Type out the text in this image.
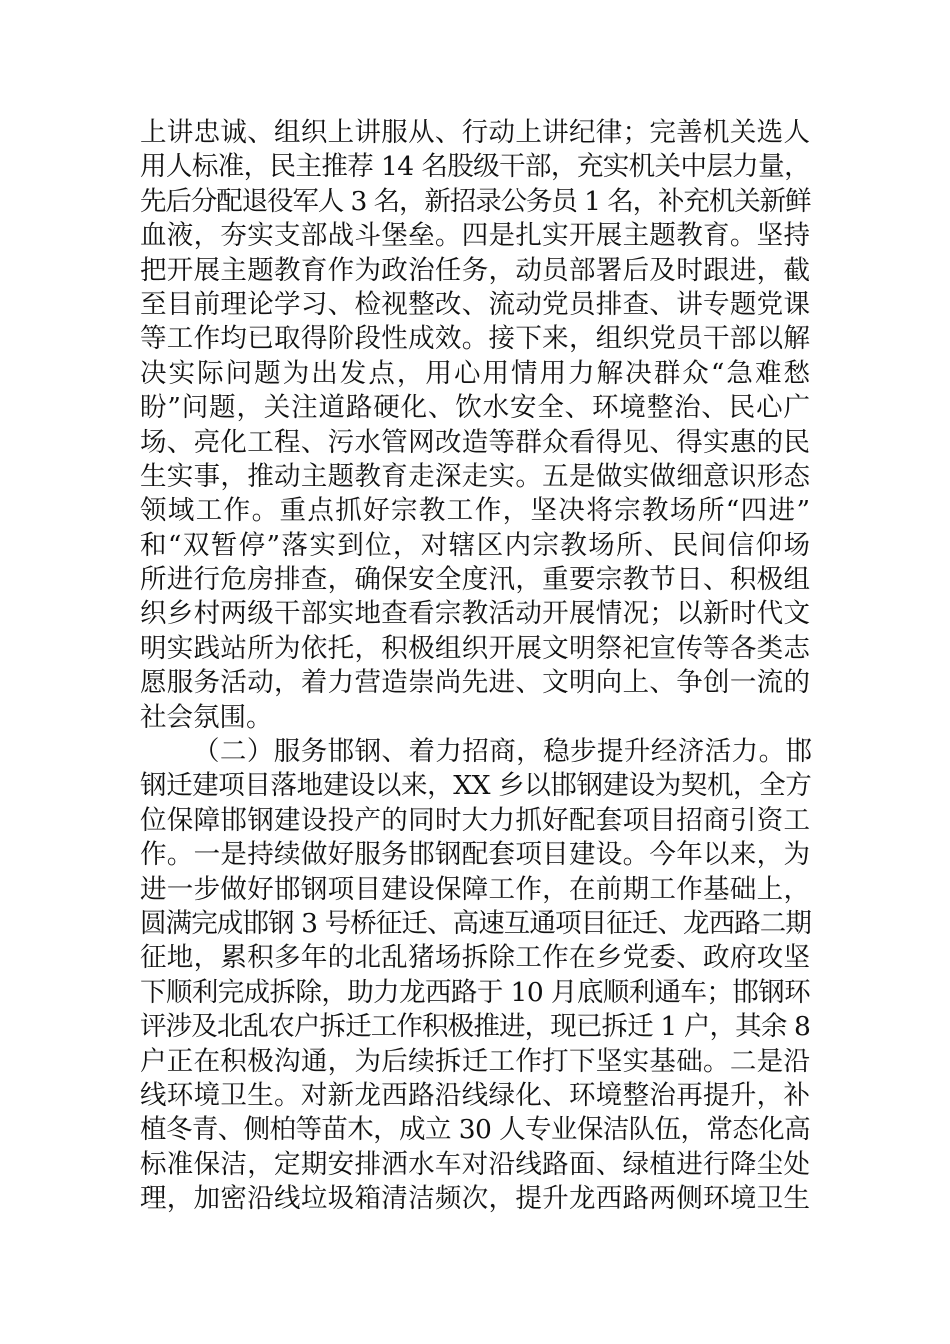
上讲忠诚、组织上讲服从、行动上讲纪律；完善机关选人
用人标准，民主推荐 14 名股级干部，充实机关中层力量，
先后分配退役军人 3 名，新招录公务员 1 名，补充机关新鲜
血液，夯实支部战斗堡垒。四是扎实开展主题教育。坚持
把开展主题教育作为政治任务，动员部署后及时跟进，截
至目前理论学习、检视整改、流动党员排查、讲专题党课
等工作均已取得阶段性成效。接下来，组织党员干部以解
决实际问题为出发点，用心用情用力解决群众“急难愁
盼”问题，关注道路硬化、饮水安全、环境整治、民心广
场、亮化工程、污水管网改造等群众看得见、得实惠的民
生实事，推动主题教育走深走实。五是做实做细意识形态
领域工作。重点抓好宗教工作，坚决将宗教场所“四进”
和“双暂停”落实到位，对辖区内宗教场所、民间信仰场
所进行危房排查，确保安全度汛，重要宗教节日、积极组
织乡村两级干部实地查看宗教活动开展情况；以新时代文
明实践站所为依托，积极组织开展文明祭祀宣传等各类志
愿服务活动，着力营造崇尚先进、文明向上、争创一流的
社会氛围。
（二）服务邯钢、着力招商，稳步提升经济活力。邯
钢迁建项目落地建设以来，XX 乡以邯钢建设为契机，全方
位保障邯钢建设投产的同时大力抓好配套项目招商引资工
作。一是持续做好服务邯钢配套项目建设。今年以来，为
进一步做好邯钢项目建设保障工作，在前期工作基础上，
圆满完成邯钢 3 号桥征迁、高速互通项目征迁、龙西路二期
征地，累积多年的北乱猪场拆除工作在乡党委、政府攻坚
下顺利完成拆除，助力龙西路于 10 月底顺利通车；邯钢环
评涉及北乱农户拆迁工作积极推进，现已拆迁 1 户，其余 8
户正在积极沟通，为后续拆迁工作打下坚实基础。二是沿
线环境卫生。对新龙西路沿线绿化、环境整治再提升，补
植冬青、侧柏等苗木，成立 30 人专业保洁队伍，常态化高
标准保洁，定期安排洒水车对沿线路面、绿植进行降尘处
理，加密沿线垃圾箱清洁频次，提升龙西路两侧环境卫生
